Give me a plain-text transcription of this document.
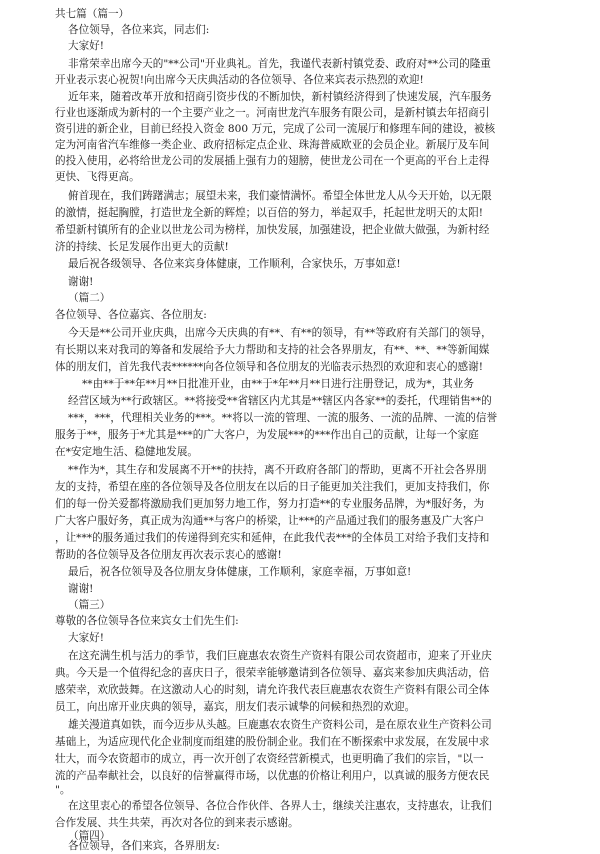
共七篇（篇一）

各位领导，各位来宾，同志们:

大家好!

非常荣幸出席今天的"**公司"开业典礼。首先，我谨代表新村镇党委、政府对**公司的隆重

开业表示衷心祝贺!向出席今天庆典活动的各位领导、各位来宾表示热烈的欢迎!

近年来，随着改革开放和招商引资步伐的不断加快，新村镇经济得到了快速发展，汽车服务

行业也逐渐成为新村的一个主要产业之一。河南世龙汽车服务有限公司，是新村镇去年招商引

资引进的新企业，目前已经投入资金 800 万元，完成了公司一流展厅和修理车间的建设，被核

定为河南省汽车维修一类企业、政府招标定点企业、珠海普威欧亚的会员企业。新展厅及车间

的投入使用，必将给世龙公司的发展插上强有力的翅膀，使世龙公司在一个更高的平台上走得

更快、飞得更高。

俯首现在，我们踌躇满志；展望未来，我们豪情满怀。希望全体世龙人从今天开始，以无限

的激情，挺起胸膛，打造世龙全新的辉煌；以百倍的努力，举起双手，托起世龙明天的太阳!

希望新村镇所有的企业以世龙公司为榜样，加快发展，加强建设，把企业做大做强，为新村经

济的持续、长足发展作出更大的贡献!

最后祝各级领导、各位来宾身体健康，工作顺利，合家快乐，万事如意!

谢谢!

（篇二）

各位领导、各位嘉宾、各位朋友:

今天是**公司开业庆典，出席今天庆典的有**、有**的领导，有**等政府有关部门的领导，

有长期以来对我司的筹备和发展给予大力帮助和支持的社会各界朋友，有**、**、**等新闻媒

体的朋友们，首先我代表******向各位领导和各位朋友的光临表示热烈的欢迎和衷心的感谢!

**由**于**年**月**日批准开业，由**于*年**月**日进行注册登记，成为*，其业务

经营区域为**行政辖区。**将接受**省辖区内尤其是**辖区内各家**的委托，代理销售**的

***，***，代理相关业务的***。**将以一流的管理、一流的服务、一流的品牌、一流的信誉

服务于**，服务于*尤其是***的广大客户，为发展***的***作出自己的贡献，让每一个家庭

在*安定地生活、稳健地发展。

**作为*，其生存和发展离不开**的扶持，离不开政府各部门的帮助，更离不开社会各界朋

友的支持，希望在座的各位领导及各位朋友在以后的日子能更加关注我们，更加支持我们，你

们的每一份关爱都将激励我们更加努力地工作，努力打造**的专业服务品牌，为*服好务，为

广大客户服好务，真正成为沟通**与客户的桥梁，让***的产品通过我们的服务惠及广大客户

，让***的服务通过我们的传递得到充实和延伸，在此我代表***的全体员工对给予我们支持和

帮助的各位领导及各位朋友再次表示衷心的感谢!

最后，祝各位领导及各位朋友身体健康，工作顺利，家庭幸福，万事如意!

谢谢!

（篇三）

尊敬的各位领导各位来宾女士们先生们:

大家好!

在这充满生机与活力的季节，我们巨鹿惠农农资生产资料有限公司农资超市，迎来了开业庆

典。今天是一个值得纪念的喜庆日子，很荣幸能够邀请到各位领导、嘉宾来参加庆典活动，倍

感荣幸，欢欣鼓舞。在这激动人心的时刻，请允许我代表巨鹿惠农农资生产资料有限公司全体

员工，向出席开业庆典的领导，嘉宾，朋友们表示诚挚的问候和热烈的欢迎。

雄关漫道真如铁，而今迈步从头越。巨鹿惠农农资生产资料公司，是在原农业生产资料公司

基础上，为适应现代化企业制度而组建的股份制企业。我们在不断探索中求发展，在发展中求

壮大，而今农资超市的成立，再一次开创了农资经营新模式，也更明确了我们的宗旨，"以一

流的产品奉献社会，以良好的信誉赢得市场，以优惠的价格让利用户，以真诚的服务方便农民

"。

在这里衷心的希望各位领导、各位合作伙伴、各界人士，继续关注惠农，支持惠农，让我们

合作发展、共生共荣，再次对各位的到来表示感谢。

（篇四）

各位领导，各们来宾，各界朋友:
